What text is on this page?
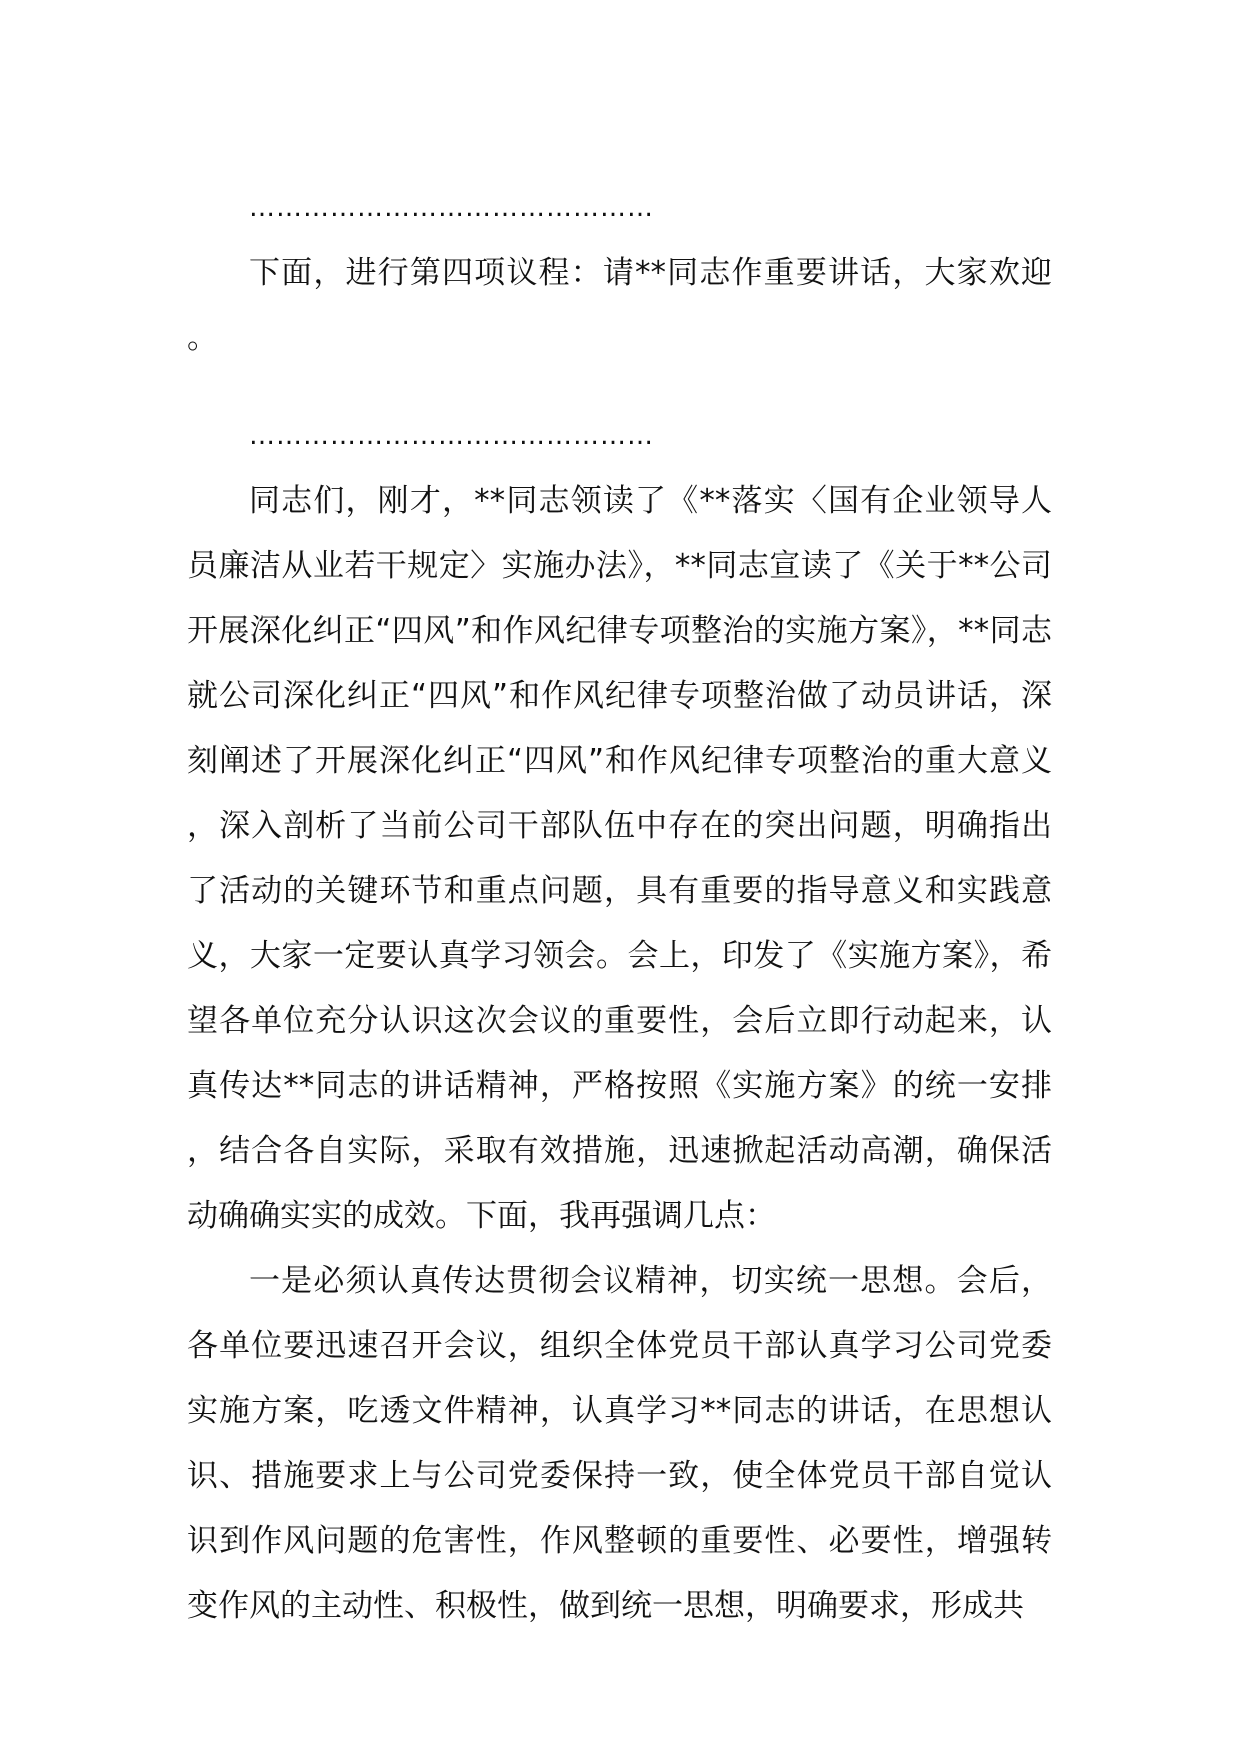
………………………………………

下面，进行第四项议程：请**同志作重要讲话，大家欢迎。

………………………………………

同志们，刚才，**同志领读了《**落实〈国有企业领导人员廉洁从业若干规定〉实施办法》，**同志宣读了《关于**公司开展深化纠正“四风”和作风纪律专项整治的实施方案》，**同志就公司深化纠正“四风”和作风纪律专项整治做了动员讲话，深刻阐述了开展深化纠正“四风”和作风纪律专项整治的重大意义，深入剖析了当前公司干部队伍中存在的突出问题，明确指出了活动的关键环节和重点问题，具有重要的指导意义和实践意义，大家一定要认真学习领会。会上，印发了《实施方案》，希望各单位充分认识这次会议的重要性，会后立即行动起来，认真传达**同志的讲话精神，严格按照《实施方案》的统一安排，结合各自实际，采取有效措施，迅速掀起活动高潮，确保活动确确实实的成效。下面，我再强调几点：

一是必须认真传达贯彻会议精神，切实统一思想。会后，各单位要迅速召开会议，组织全体党员干部认真学习公司党委实施方案，吃透文件精神，认真学习**同志的讲话，在思想认识、措施要求上与公司党委保持一致，使全体党员干部自觉认识到作风问题的危害性，作风整顿的重要性、必要性，增强转变作风的主动性、积极性，做到统一思想，明确要求，形成共
